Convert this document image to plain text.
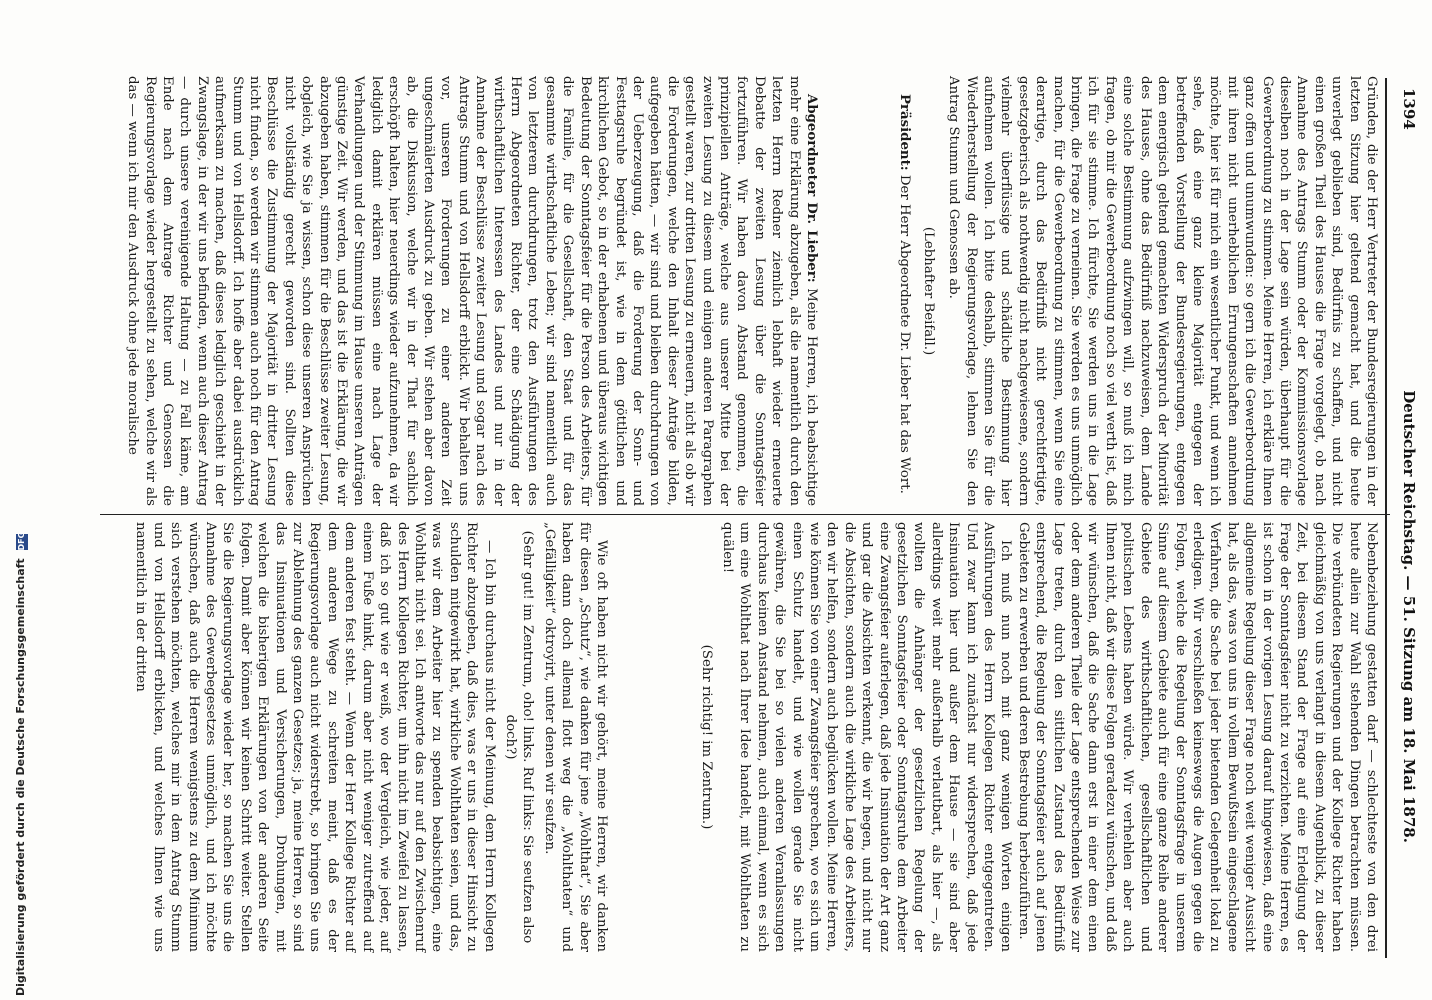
1394  Deutscher Reichstag. — 51. Sitzung am 18. Mai 1878.

Gründen, die der Herr Vertreter der Bundesregierungen in der letzten Sitzung hier geltend gemacht hat, und die heute unverlegt geblieben sind, Bedürfnis zu schaffen, und nicht einen großen Theil des Hauses die Frage vorgelegt, ob nach Annahme des Antrags Stumm oder der Kommissionsvorlage dieselben noch in der Lage sein würden, überhaupt für die Gewerbeordnung zu stimmen. Meine Herren, ich erkläre Ihnen ganz offen und unumwunden: so gern ich die Gewerbeordnung mit ihren nicht unerheblichen Errungenschaften annehmen möchte, hier ist für mich ein wesentlicher Punkt, und wenn ich sehe, daß eine ganz kleine Majorität entgegen der betreffenden Vorstellung der Bundesregierungen, entgegen dem energisch geltend gemachten Widerspruch der Minorität des Hauses, ohne das Bedürfniß nachzuweisen, dem Lande eine solche Bestimmung aufzwingen will, so muß ich mich fragen, ob mir die Gewerbeordnung noch so viel werth ist, daß ich für sie stimme. Ich fürchte, Sie werden uns in die Lage bringen, die Frage zu verneinen. Sie werden es uns unmöglich machen, für die Gewerbeordnung zu stimmen, wenn Sie eine derartige, durch das Bedürfniß nicht gerechtfertigte, gesetzgeberisch als nothwendig nicht nachgewiesene, sondern vielmehr überflüssige und schädliche Bestimmung hier aufnehmen wollen. Ich bitte deshalb, stimmen Sie für die Wiederherstellung der Regierungsvorlage, lehnen Sie den Antrag Stumm und Genossen ab.

(Lebhafter Beifall.)

Präsident: Der Herr Abgeordnete Dr. Lieber hat das Wort.

Abgeordneter Dr. Lieber: Meine Herren, ich beabsichtige mehr eine Erklärung abzugeben, als die namentlich durch den letzten Herrn Redner ziemlich lebhaft wieder erneuerte Debatte der zweiten Lesung über die Sonntagsfeier fortzuführen. Wir haben davon Abstand genommen, die prinzipiellen Anträge, welche aus unserer Mitte bei der zweiten Lesung zu diesem und einigen anderen Paragraphen gestellt waren, zur dritten Lesung zu erneuern, nicht als ob wir die Forderungen, welche den Inhalt dieser Anträge bilden, aufgegeben hätten, — wir sind und bleiben durchdrungen von der Ueberzeugung, daß die Forderung der Sonn- und Festtagsruhe begründet ist, wie in dem göttlichen und kirchlichen Gebot, so in der erhabenen und überaus wichtigen Bedeutung der Sonntagsfeier für die Person des Arbeiters, für die Familie, für die Gesellschaft, den Staat und für das gesammte wirthschaftliche Leben; wir sind namentlich auch von letzterem durchdrungen, trotz den Ausführungen des Herrn Abgeordneten Richter, der eine Schädigung der wirthschaftlichen Interessen des Landes und nur in der Annahme der Beschlüsse zweiter Lesung und sogar nach des Antrags Stumm und von Hellsdorff erblickt. Wir behalten uns vor, unseren Forderungen zu einer anderen Zeit ungeschmälerten Ausdruck zu geben. Wir stehen aber davon ab, die Diskussion, welche wir in der That für sachlich erschöpft halten, hier neuerdings wieder aufzunehmen, da wir lediglich damit erklären müssen eine nach Lage der Verhandlungen und der Stimmung im Hause unseren Anträgen günstige Zeit. Wir werden, und das ist die Erklärung, die wir abzugeben haben, stimmen für die Beschlüsse zweiter Lesung, obgleich, wie Sie ja wissen, schon diese unseren Ansprüchen nicht vollständig gerecht geworden sind. Sollten diese Beschlüsse die Zustimmung der Majorität in dritter Lesung nicht finden, so werden wir stimmen auch noch für den Antrag Stumm und von Hellsdorff. Ich hoffe aber dabei ausdrücklich aufmerksam zu machen, daß dieses lediglich geschieht in der Zwangslage, in der wir uns befinden, wenn auch dieser Antrag — durch unsere vereinigende Haltung — zu Fall käme, am Ende nach dem Antrage Richter und Genossen die Regierungsvorlage wieder hergestellt zu sehen, welche wir als das — wenn ich mir den Ausdruck ohne jede moralische

Nebenbeziehung gestatten darf — schlechteste von den drei heute allein zur Wahl stehenden Dingen betrachten müssen. Die verbündeten Regierungen und der Kollege Richter haben gleichmäßig von uns verlangt in diesem Augenblick, zu dieser Zeit, bei diesem Stand der Frage auf eine Erledigung der Frage der Sonntagsfeier nicht zu verzichten. Meine Herren, es ist schon in der vorigen Lesung darauf hingewiesen, daß eine allgemeine Regelung dieser Frage noch weit weniger Aussicht hat, als das, was von uns in vollem Bewußtsein eingeschlagene Verfahren, die Sache bei jeder bietenden Gelegenheit lokal zu erledigen. Wir verschließen keineswegs die Augen gegen die Folgen, welche die Regelung der Sonntagsfrage in unserem Sinne auf diesem Gebiete auch für eine ganze Reihe anderer Gebiete des wirthschaftlichen, gesellschaftlichen und politischen Lebens haben würde. Wir verhehlen aber auch Ihnen nicht, daß wir diese Folgen geradezu wünschen, und daß wir wünschen, daß die Sache dann erst in einer dem einen oder dem anderen Theile der Lage entsprechenden Weise zur Lage treten, durch den sittlichen Zustand des Bedürfniß entsprechend, die Regelung der Sonntagsfeier auch auf jenen Gebieten zu erwerben und deren Bestrebung herbeizuführen.

Ich muß nun noch mit ganz wenigen Worten einigen Ausführungen des Herrn Kollegen Richter entgegentreten. Und zwar kann ich zunächst nur widersprechen, daß jede Insinuation hier und außer dem Hause — sie sind aber allerdings weit mehr außerhalb verlautbart, als hier —, als wollten die Anhänger der gesetzlichen Regelung der gesetzlichen Sonntagsfeier oder Sonntagsruhe dem Arbeiter eine Zwangsfeier auferlegen, daß jede Insinuation der Art ganz und gar die Absichten verkennt, die wir hegen, und nicht nur die Absichten, sondern auch die wirkliche Lage des Arbeiters, den wir helfen, sondern auch beglücken wollen. Meine Herren, wie können Sie von einer Zwangsfeier sprechen, wo es sich um einen Schutz handelt, und wie wollen gerade Sie nicht gewähren, die Sie bei so vielen anderen Veranlassungen durchaus keinen Anstand nehmen, auch einmal, wenn es sich um eine Wohlthat nach Ihrer Idee handelt, mit Wohlthaten zu quälen!

(Sehr richtig! im Zentrum.)

Wie oft haben nicht wir gehört, meine Herren, wir danken für diesen „Schutz“, wie danken für jene „Wohlthat“, Sie aber haben dann doch allemal flott weg die „Wohlthaten“ und „Gefälligkeit“ oktroyirt, unter denen wir seufzen.

(Sehr gut! im Zentrum, oho! links. Ruf links: Sie seufzen also doch?)

— Ich bin durchaus nicht der Meinung, dem Herrn Kollegen Richter abzugeben, daß dies, was er uns in dieser Hinsicht zu schulden mitgewirkt hat, wirkliche Wohlthaten seien, und das, was wir dem Arbeiter hier zu spenden beabsichtigen, eine Wohlthat nicht sei. Ich antworte das nur auf den Zwischenruf des Herrn Kollegen Richter, um ihn nicht im Zweifel zu lassen, daß ich so gut wie er weiß, wo der Vergleich, wie jeder, auf einem Fuße hinkt, darum aber nicht weniger zutreffend auf dem anderen fest steht. — Wenn der Herr Kollege Richter auf dem anderen Wege zu schreiten meint, daß es der Regierungsvorlage auch nicht widerstrebt, so bringen Sie uns zur Ablehnung des ganzen Gesetzes; ja, meine Herren, so sind das Insinuationen und Versicherungen, Drohungen, mit welchen die bisherigen Erklärungen von der anderen Seite folgen. Damit aber können wir keinen Schritt weiter. Stellen Sie die Regierungsvorlage wieder her, so machen Sie uns die Annahme des Gewerbegesetzes unmöglich, und ich möchte wünschen, daß auch die Herren wenigstens zu dem Minimum sich verstehen möchten, welches mir in dem Antrag Stumm und von Hellsdorff erblicken, und welches Ihnen wie uns namentlich in der dritten

Digitalisierung gefördert durch die Deutsche Forschungsgemeinschaft DFG
